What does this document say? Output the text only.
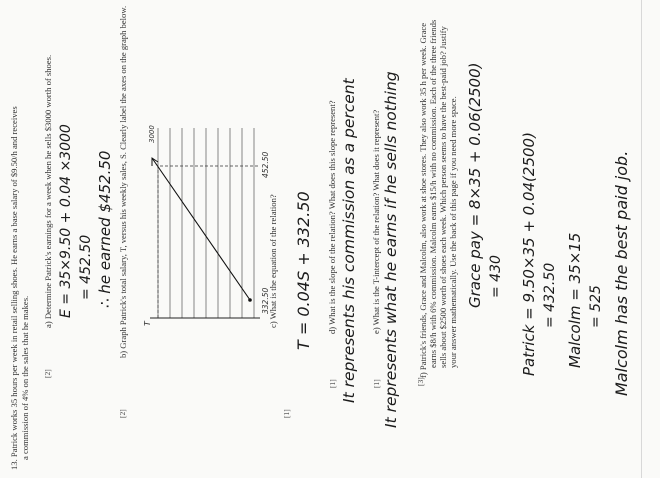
13. Patrick works 35 hours per week in retail selling shoes. He earns a base salary of $9.50/h and receives a commission of 4% on the sales that he makes. [2]
a) Determine Patrick's earnings for a week when he sells $3000 worth of shoes. E = 35×9.50 + 0.04 ×3000 = 452.50 ∴ he earned $452.50
[2]
b) Graph Patrick's total salary, T, versus his weekly sales, S. Clearly label the axes on the graph below. T
3000
452.50
332.50
[1]
c) What is the equation of the relation? T = 0.04S + 332.50
[1]
d) What is the slope of the relation? What does this slope represent? It represents his commission as a percent [1]
e) What is the T-intercept of the relation? What does it represent? It represents what he earns if he sells nothing [3]
f) Patrick's friends, Grace and Malcolm, also work at shoe stores. They also work 35 h per week. Grace earns $8/h with 6% commission. Malcolm earns $15/h with no commission. Each of the three friends sells about $2500 worth of shoes each week. Which person seems to have the best-paid job? Justify your answer mathematically. Use the back of this page if you need more space. Grace pay = 8×35 + 0.06(2500) = 430 Patrick = 9.50×35 + 0.04(2500) = 432.50 Malcolm = 35×15 = 525 Malcolm has the best paid job.
